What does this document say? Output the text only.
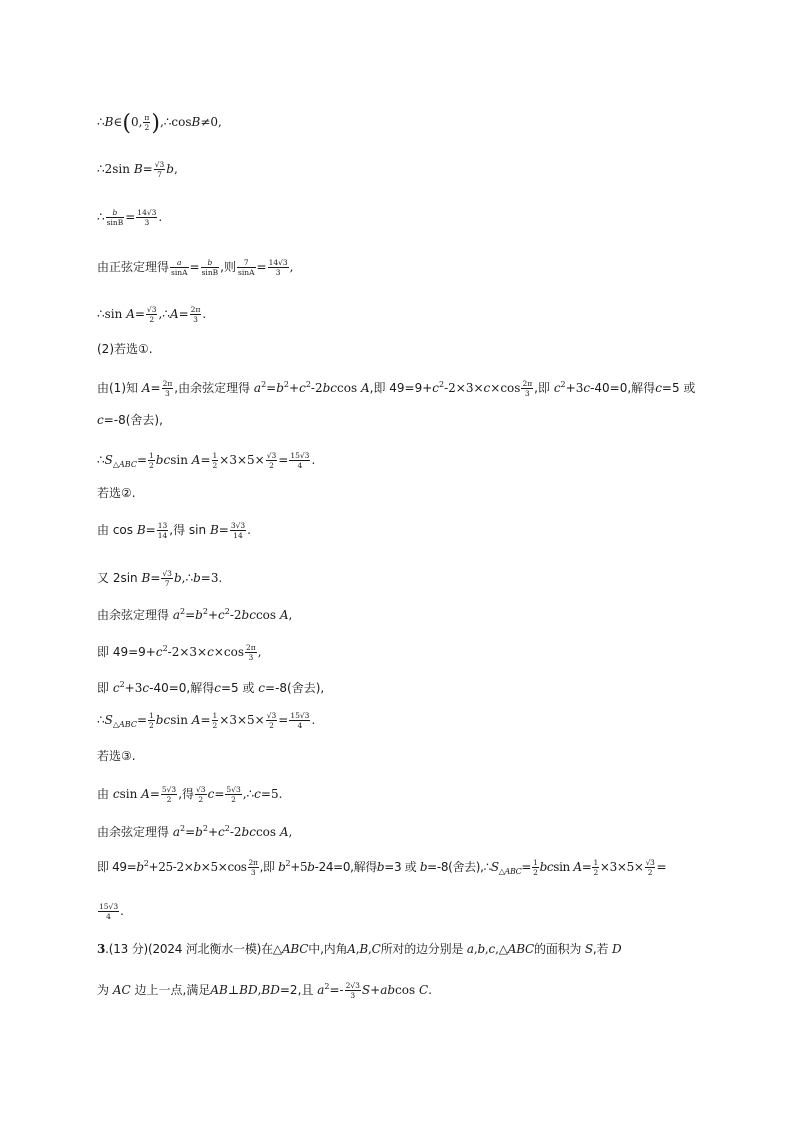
∴B∈(0, $\frac{\pi}{2}$ ),∴cosB≠0,
∴2sin $B= \frac{√3}{7} b$,
∴ $\frac{b}{\sin B} = \frac{14√3}{3}$ .
由正弦定理得 $\frac{a}{\sin A} = \frac{b}{\sin B}$ ,则 $\frac{7}{\sin A} = \frac{14√3}{3}$ ,
∴sin $A= \frac{√3}{2}$ ,∴A= $\frac{2\pi}{3}$ .
(2)若选①.
由(1)知 $A= \frac{2\pi}{3}$ ,由余弦定理得 $a^2=b^2+c^2-2bccos$ A,即 $49=9+c^2-2\times 3\times c\times\cos \frac{2\pi}{3}$ ,即 $c^2+3c-40=0$,解得c=5 或
c=-8(舍去),
$\therefore S_{\triangle ABC}= \frac{1}{2}$ bcsin $A= \frac{1}{2} \times 3\times 5\times \frac{√3}{2} = \frac{15√3}{4}$ .
若选②.
由 $\cos B= \frac{13}{14}$ ,得 $\sin B= \frac{3√3}{14}$ .
又 2sin $B= \frac{√3}{7}$ b,∴b=3.
由余弦定理得 $a^2=b^2+c^2-2bccos$ A,
即 $49=9+c^2-2\times 3\times c\times\cos \frac{2\pi}{3}$ ,
即 $c^2+3c-40=0$,解得c=5 或 c=-8(舍去),
$\therefore S_{\triangle ABC}= \frac{1}{2}$ bcsin $A= \frac{1}{2} \times 3\times 5\times \frac{√3}{2} = \frac{15√3}{4}$ .
若选③.
由 csin $A= \frac{5√3}{2}$ ,得 $\frac{√3}{2} c= \frac{5√3}{2}$ ,∴c=5.
由余弦定理得 $a^2=b^2+c^2-2bccos$ A,
即 $49=b^2+25-2\times b\times 5\times\cos \frac{2\pi}{3}$ ,即 $b^2+5b-24=0$,解得b=3 或 b=-8(舍去)$,\therefore S_{\triangle ABC}= \frac{1}{2}$ bcsin $A= \frac{1}{2} \times 3\times 5\times \frac{√3}{2}$ =
$\frac{15√3}{4}$ .
3.(13 分)(2024 河北衡水一模)在△ABC中,内角A,B,C所对的边分别是 a,b,c,△ABC的面积为 S,若 D
为 AC 边上一点,满足AB⊥BD,BD=2,且 $a^2=- \frac{2√3}{3} S+abcos$ C.
